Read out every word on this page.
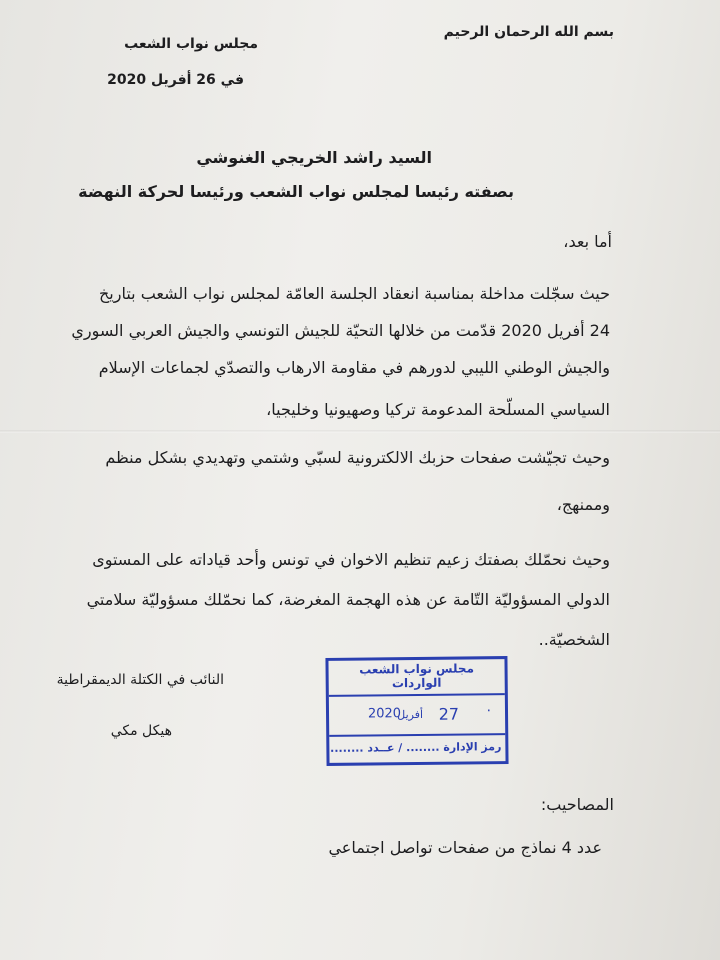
بسم الله الرحمان الرحيم
مجلس نواب الشعب
في 26 أفريل 2020
السيد راشد الخريجي الغنوشي
بصفته رئيسا لمجلس نواب الشعب ورئيسا لحركة النهضة
أما بعد،
حيث سجّلت مداخلة بمناسبة انعقاد الجلسة العامّة لمجلس نواب الشعب بتاريخ
24 أفريل 2020 قدّمت من خلالها التحيّة للجيش التونسي والجيش العربي السوري
والجيش الوطني الليبي لدورهم في مقاومة الارهاب والتصدّي لجماعات الإسلام
السياسي المسلّحة المدعومة تركيا وصهيونيا وخليجيا،
وحيث تجيّشت صفحات حزبك الالكترونية لسبّي وشتمي وتهديدي بشكل منظم
وممنهج،
وحيث نحمّلك بصفتك زعيم تنظيم الاخوان في تونس وأحد قياداته على المستوى
الدولي المسؤوليّة التّامة عن هذه الهجمة المغرضة، كما نحمّلك مسؤوليّة سلامتي
الشخصيّة..
النائب في الكتلة الديمقراطية
هيكل مكي
مجلس نواب الشعب
الواردات
·
27
أفريل
2020
رمز الإدارة ........ / عــدد ........
المصاحيب:
عدد 4 نماذج من صفحات تواصل اجتماعي
